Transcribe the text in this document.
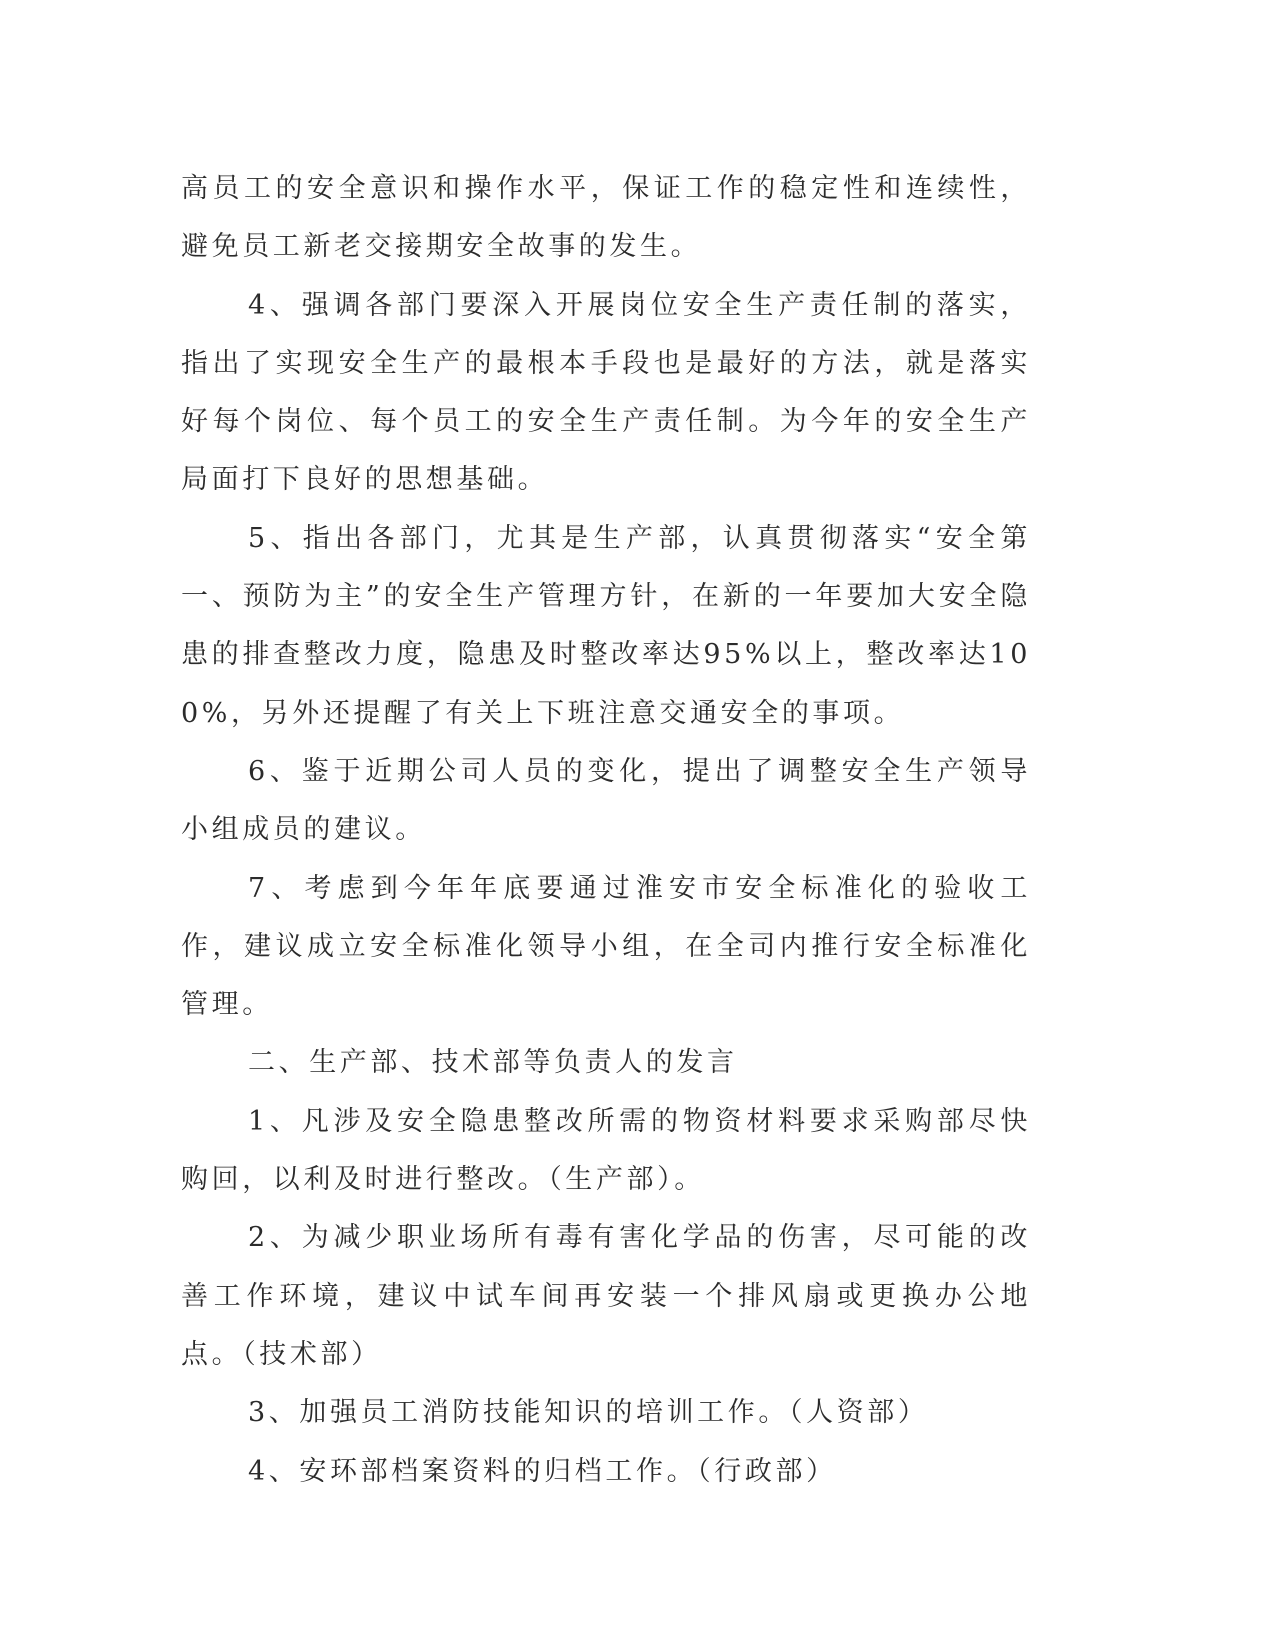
高员工的安全意识和操作水平，保证工作的稳定性和连续性，避免员工新老交接期安全故事的发生。

4、强调各部门要深入开展岗位安全生产责任制的落实，指出了实现安全生产的最根本手段也是最好的方法，就是落实好每个岗位、每个员工的安全生产责任制。为今年的安全生产局面打下良好的思想基础。

5、指出各部门，尤其是生产部，认真贯彻落实“安全第一、预防为主”的安全生产管理方针，在新的一年要加大安全隐患的排查整改力度，隐患及时整改率达95%以上，整改率达100%，另外还提醒了有关上下班注意交通安全的事项。

6、鉴于近期公司人员的变化，提出了调整安全生产领导小组成员的建议。

7、考虑到今年年底要通过淮安市安全标准化的验收工作，建议成立安全标准化领导小组，在全司内推行安全标准化管理。

二、生产部、技术部等负责人的发言

1、凡涉及安全隐患整改所需的物资材料要求采购部尽快购回，以利及时进行整改。（生产部）。

2、为减少职业场所有毒有害化学品的伤害，尽可能的改善工作环境，建议中试车间再安装一个排风扇或更换办公地点。（技术部）

3、加强员工消防技能知识的培训工作。（人资部）

4、安环部档案资料的归档工作。（行政部）
